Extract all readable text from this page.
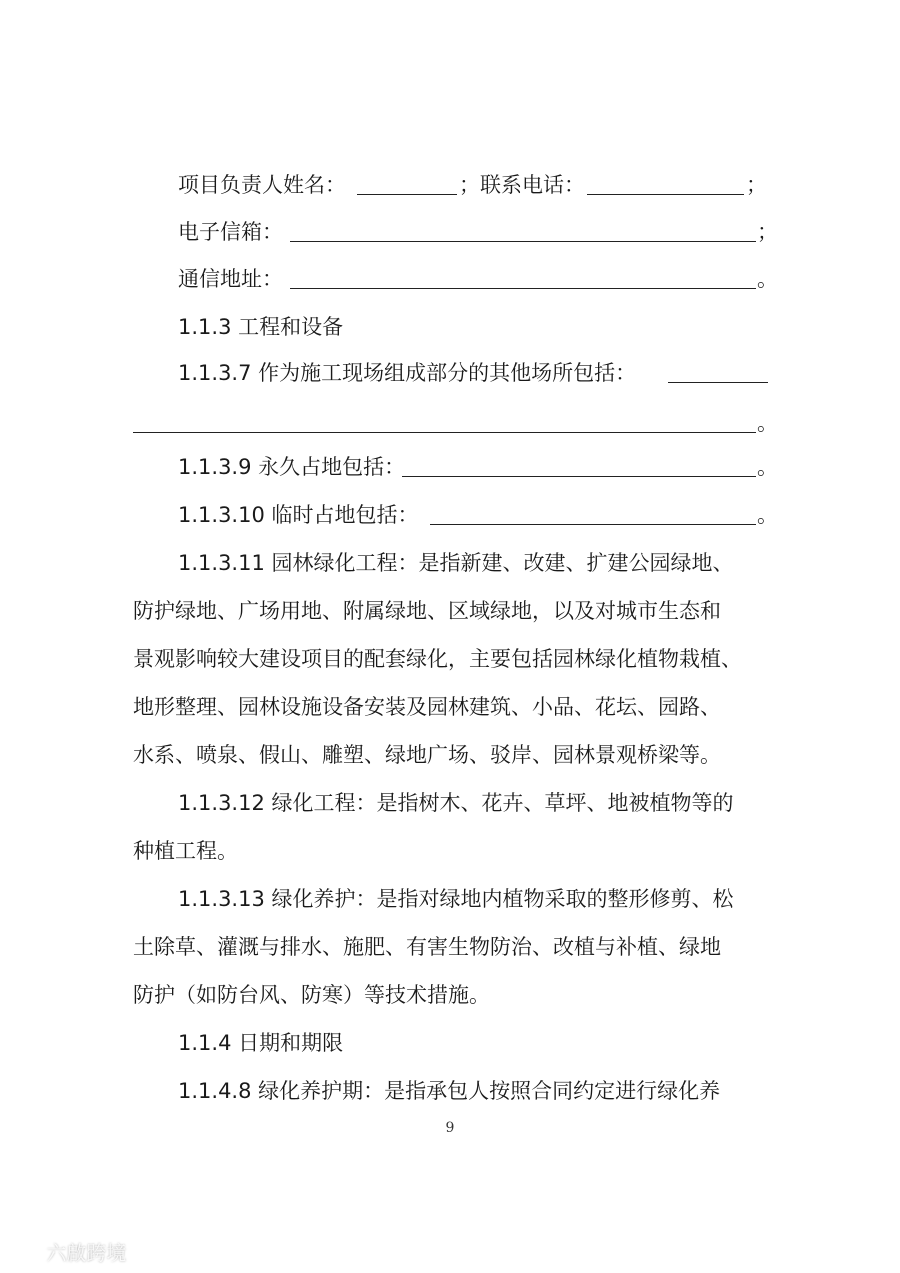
项目负责人姓名：	；联系电话：	；
电子信箱：	；
通信地址：	。
1.1.3 工程和设备
1.1.3.7 作为施工现场组成部分的其他场所包括：
。
1.1.3.9 永久占地包括：	。
1.1.3.10 临时占地包括：	。
1.1.3.11 园林绿化工程：是指新建、改建、扩建公园绿地、
防护绿地、广场用地、附属绿地、区域绿地，以及对城市生态和
景观影响较大建设项目的配套绿化，主要包括园林绿化植物栽植、
地形整理、园林设施设备安装及园林建筑、小品、花坛、园路、
水系、喷泉、假山、雕塑、绿地广场、驳岸、园林景观桥梁等。
1.1.3.12 绿化工程：是指树木、花卉、草坪、地被植物等的
种植工程。
1.1.3.13 绿化养护：是指对绿地内植物采取的整形修剪、松
土除草、灌溉与排水、施肥、有害生物防治、改植与补植、绿地
防护（如防台风、防寒）等技术措施。
1.1.4 日期和期限
1.1.4.8 绿化养护期：是指承包人按照合同约定进行绿化养
9
六啟跨境
